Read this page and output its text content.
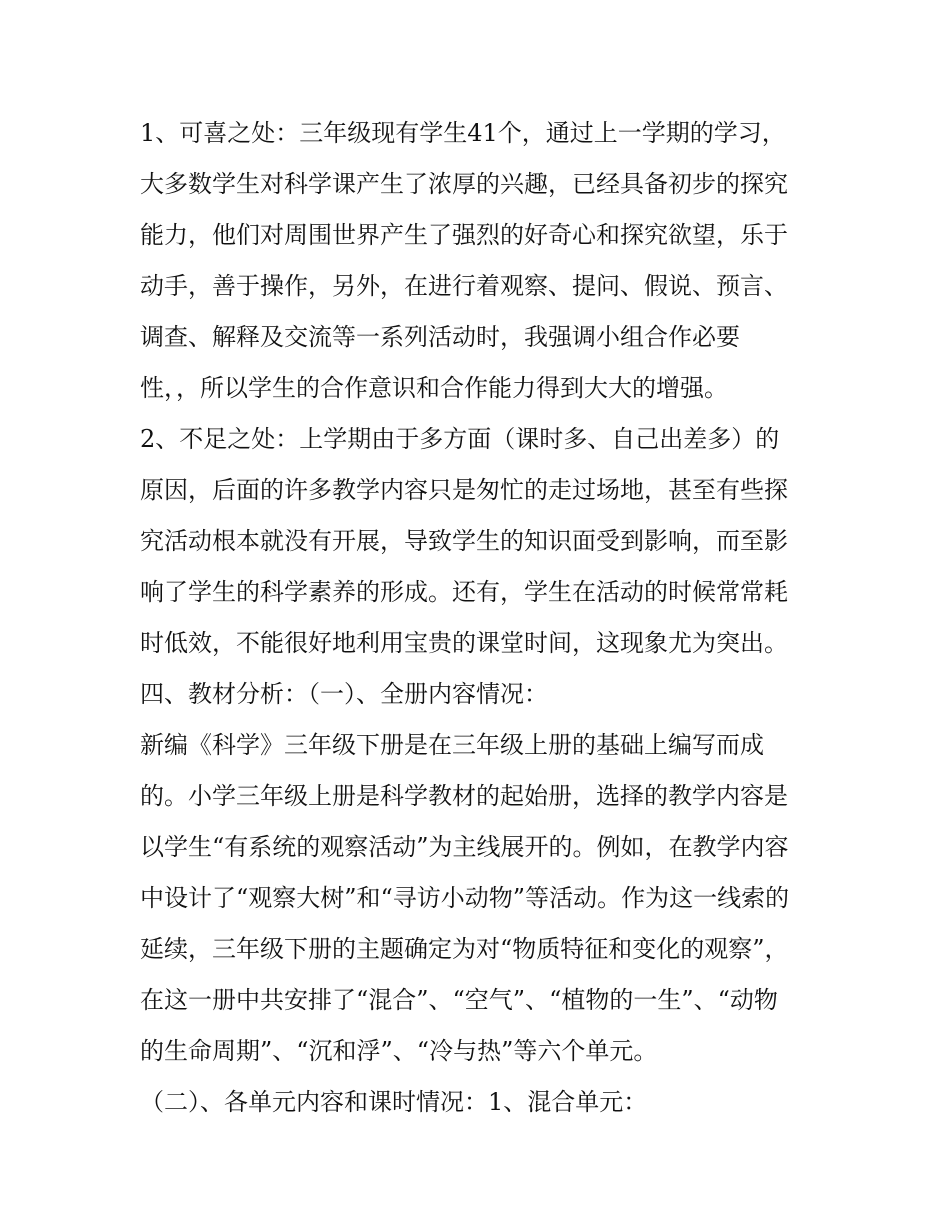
1、可喜之处：三年级现有学生41个，通过上一学期的学习，
大多数学生对科学课产生了浓厚的兴趣，已经具备初步的探究
能力，他们对周围世界产生了强烈的好奇心和探究欲望，乐于
动手，善于操作，另外，在进行着观察、提问、假说、预言、
调查、解释及交流等一系列活动时，我强调小组合作必要
性，，所以学生的合作意识和合作能力得到大大的增强。
2、不足之处：上学期由于多方面（课时多、自己出差多）的
原因，后面的许多教学内容只是匆忙的走过场地，甚至有些探
究活动根本就没有开展，导致学生的知识面受到影响，而至影
响了学生的科学素养的形成。还有，学生在活动的时候常常耗
时低效，不能很好地利用宝贵的课堂时间，这现象尤为突出。
四、教材分析：（一）、全册内容情况：
新编《科学》三年级下册是在三年级上册的基础上编写而成
的。小学三年级上册是科学教材的起始册，选择的教学内容是
以学生“有系统的观察活动”为主线展开的。例如，在教学内容
中设计了“观察大树”和“寻访小动物”等活动。作为这一线索的
延续，三年级下册的主题确定为对“物质特征和变化的观察”，
在这一册中共安排了“混合”、“空气”、“植物的一生”、“动物
的生命周期”、“沉和浮”、“冷与热”等六个单元。
（二）、各单元内容和课时情况：1、混合单元：
